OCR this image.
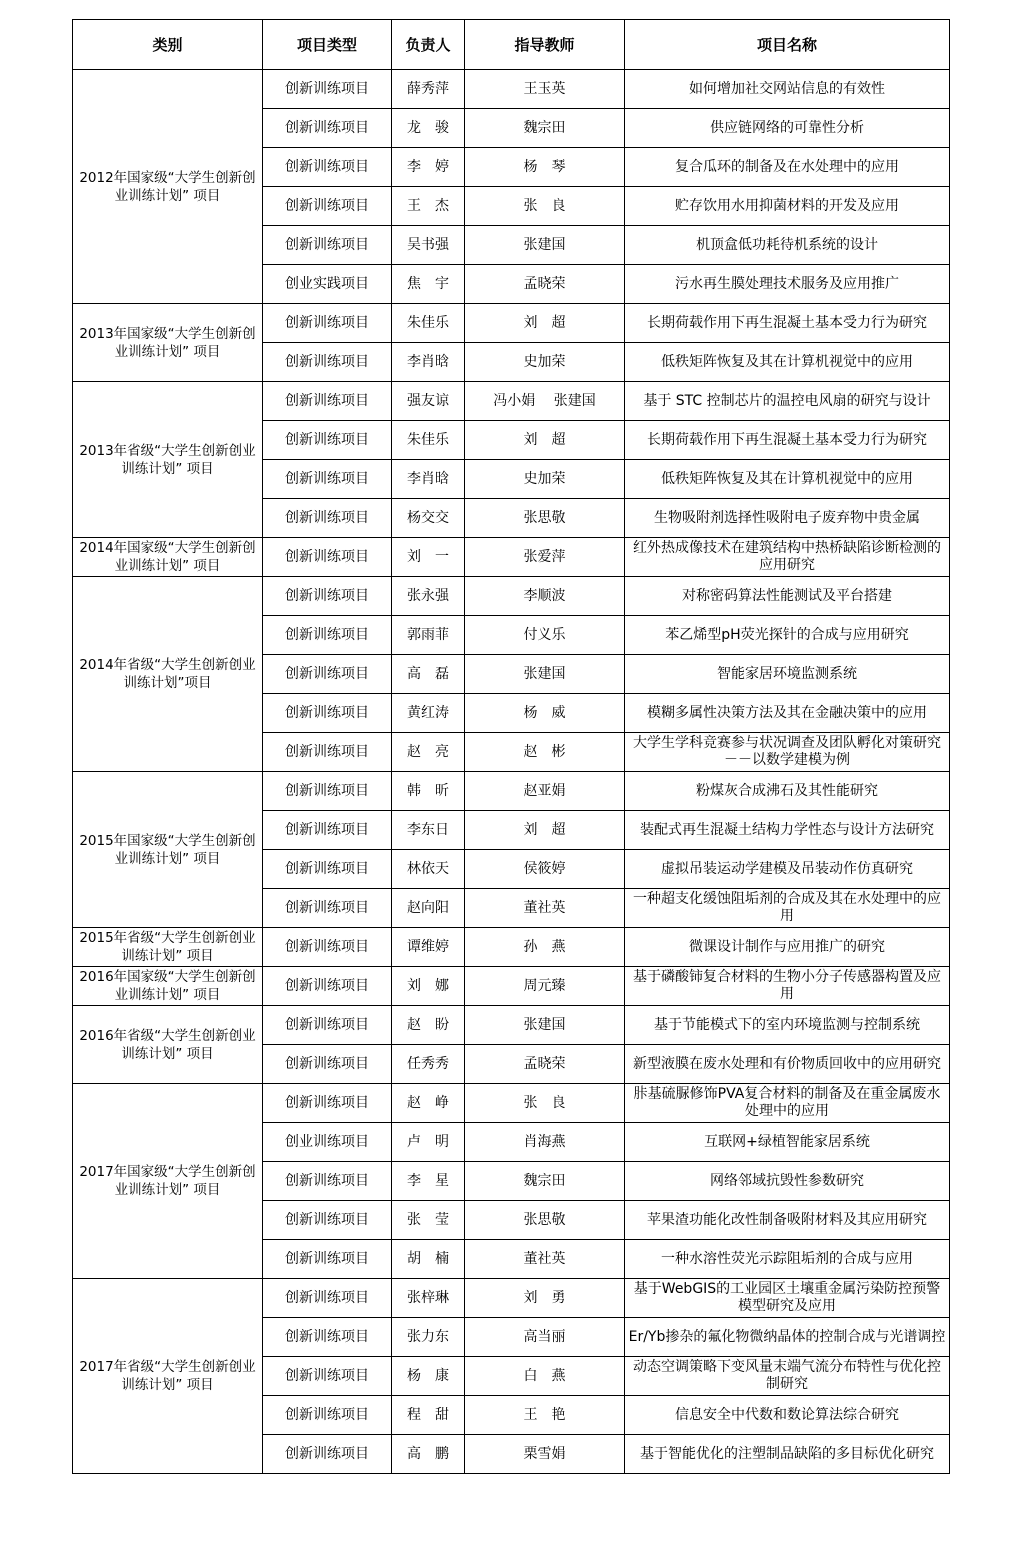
类别	项目类型	负责人	指导教师	项目名称
2012年国家级“大学生创新创业训练计划” 项目	创新训练项目	薛秀萍	王玉英	如何增加社交网站信息的有效性
	创新训练项目	龙　骏	魏宗田	供应链网络的可靠性分析
	创新训练项目	李　婷	杨　琴	复合瓜环的制备及在水处理中的应用
	创新训练项目	王　杰	张　良	贮存饮用水用抑菌材料的开发及应用
	创新训练项目	吴书强	张建国	机顶盒低功耗待机系统的设计
	创业实践项目	焦　宇	孟晓荣	污水再生膜处理技术服务及应用推广
2013年国家级“大学生创新创业训练计划” 项目	创新训练项目	朱佳乐	刘　超	长期荷载作用下再生混凝土基本受力行为研究
	创新训练项目	李肖晗	史加荣	低秩矩阵恢复及其在计算机视觉中的应用
2013年省级“大学生创新创业训练计划” 项目	创新训练项目	强友谅	冯小娟　 张建国	基于 STC 控制芯片的温控电风扇的研究与设计
	创新训练项目	朱佳乐	刘　超	长期荷载作用下再生混凝土基本受力行为研究
	创新训练项目	李肖晗	史加荣	低秩矩阵恢复及其在计算机视觉中的应用
	创新训练项目	杨交交	张思敬	生物吸附剂选择性吸附电子废弃物中贵金属
2014年国家级“大学生创新创业训练计划” 项目	创新训练项目	刘　一	张爱萍	红外热成像技术在建筑结构中热桥缺陷诊断检测的应用研究
2014年省级“大学生创新创业训练计划”项目	创新训练项目	张永强	李顺波	对称密码算法性能测试及平台搭建
	创新训练项目	郭雨菲	付义乐	苯乙烯型pH荧光探针的合成与应用研究
	创新训练项目	高　磊	张建国	智能家居环境监测系统
	创新训练项目	黄红涛	杨　威	模糊多属性决策方法及其在金融决策中的应用
	创新训练项目	赵　亮	赵　彬	大学生学科竞赛参与状况调查及团队孵化对策研究－－以数学建模为例
2015年国家级“大学生创新创业训练计划” 项目	创新训练项目	韩　昕	赵亚娟	粉煤灰合成沸石及其性能研究
	创新训练项目	李东日	刘　超	装配式再生混凝土结构力学性态与设计方法研究
	创新训练项目	林依天	侯筱婷	虚拟吊装运动学建模及吊装动作仿真研究
	创新训练项目	赵向阳	董社英	一种超支化缓蚀阻垢剂的合成及其在水处理中的应用
2015年省级“大学生创新创业训练计划” 项目	创新训练项目	谭维婷	孙　燕	微课设计制作与应用推广的研究
2016年国家级“大学生创新创业训练计划” 项目	创新训练项目	刘　娜	周元臻	基于磷酸铈复合材料的生物小分子传感器构置及应用
2016年省级“大学生创新创业训练计划” 项目	创新训练项目	赵　盼	张建国	基于节能模式下的室内环境监测与控制系统
	创新训练项目	任秀秀	孟晓荣	新型液膜在废水处理和有价物质回收中的应用研究
2017年国家级“大学生创新创业训练计划” 项目	创新训练项目	赵　峥	张　良	胩基硫脲修饰PVA复合材料的制备及在重金属废水处理中的应用
	创业训练项目	卢　明	肖海燕	互联网+绿植智能家居系统
	创新训练项目	李　星	魏宗田	网络邻域抗毁性参数研究
	创新训练项目	张　莹	张思敬	苹果渣功能化改性制备吸附材料及其应用研究
	创新训练项目	胡　楠	董社英	一种水溶性荧光示踪阻垢剂的合成与应用
2017年省级“大学生创新创业训练计划” 项目	创新训练项目	张梓琳	刘　勇	基于WebGIS的工业园区土壤重金属污染防控预警模型研究及应用
	创新训练项目	张力东	高当丽	Er/Yb掺杂的氟化物微纳晶体的控制合成与光谱调控
	创新训练项目	杨　康	白　燕	动态空调策略下变风量末端气流分布特性与优化控制研究
	创新训练项目	程　甜	王　艳	信息安全中代数和数论算法综合研究
	创新训练项目	高　鹏	栗雪娟	基于智能优化的注塑制品缺陷的多目标优化研究
